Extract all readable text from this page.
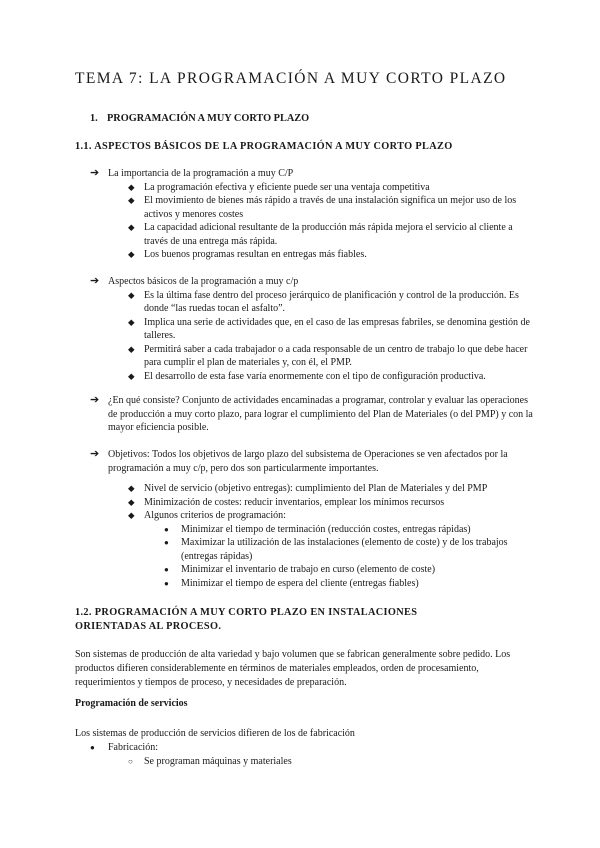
TEMA 7: LA PROGRAMACIÓN A MUY CORTO PLAZO
1. PROGRAMACIÓN A MUY CORTO PLAZO
1.1. ASPECTOS BÁSICOS DE LA PROGRAMACIÓN A MUY CORTO PLAZO
➔ La importancia de la programación a muy C/P
◆ La programación efectiva y eficiente puede ser una ventaja competitiva
◆ El movimiento de bienes más rápido a través de una instalación significa un mejor uso de los activos y menores costes
◆ La capacidad adicional resultante de la producción más rápida mejora el servicio al cliente a través de una entrega más rápida.
◆ Los buenos programas resultan en entregas más fiables.
➔ Aspectos básicos de la programación a muy c/p
◆ Es la última fase dentro del proceso jerárquico de planificación y control de la producción. Es donde “las ruedas tocan el asfalto”.
◆ Implica una serie de actividades que, en el caso de las empresas fabriles, se denomina gestión de talleres.
◆ Permitirá saber a cada trabajador o a cada responsable de un centro de trabajo lo que debe hacer para cumplir el plan de materiales y, con él, el PMP.
◆ El desarrollo de esta fase varía enormemente con el tipo de configuración productiva.
➔ ¿En qué consiste? Conjunto de actividades encaminadas a programar, controlar y evaluar las operaciones de producción a muy corto plazo, para lograr el cumplimiento del Plan de Materiales (o del PMP) y con la mayor eficiencia posible.
➔ Objetivos: Todos los objetivos de largo plazo del subsistema de Operaciones se ven afectados por la programación a muy c/p, pero dos son particularmente importantes.
◆ Nivel de servicio (objetivo entregas): cumplimiento del Plan de Materiales y del PMP
◆ Minimización de costes: reducir inventarios, emplear los mínimos recursos
◆ Algunos criterios de programación:
● Minimizar el tiempo de terminación (reducción costes, entregas rápidas)
● Maximizar la utilización de las instalaciones (elemento de coste) y de los trabajos (entregas rápidas)
● Minimizar el inventario de trabajo en curso (elemento de coste)
● Minimizar el tiempo de espera del cliente (entregas fiables)
1.2. PROGRAMACIÓN A MUY CORTO PLAZO EN INSTALACIONES ORIENTADAS AL PROCESO.
Son sistemas de producción de alta variedad y bajo volumen que se fabrican generalmente sobre pedido. Los productos difieren considerablemente en términos de materiales empleados, orden de procesamiento, requerimientos y tiempos de proceso, y necesidades de preparación.
Programación de servicios
Los sistemas de producción de servicios difieren de los de fabricación
● Fabricación:
○ Se programan máquinas y materiales
